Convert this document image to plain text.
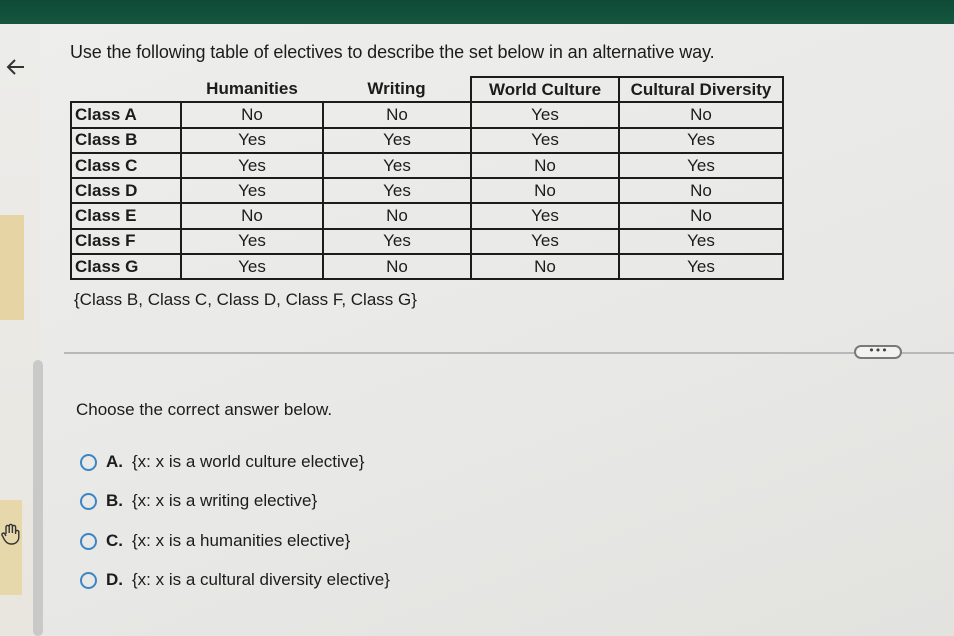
Use the following table of electives to describe the set below in an alternative way.
	Humanities	Writing	World Culture	Cultural Diversity
Class A	No	No	Yes	No
Class B	Yes	Yes	Yes	Yes
Class C	Yes	Yes	No	Yes
Class D	Yes	Yes	No	No
Class E	No	No	Yes	No
Class F	Yes	Yes	Yes	Yes
Class G	Yes	No	No	Yes
{Class B, Class C, Class D, Class F, Class G}
•••
Choose the correct answer below.
A. {x: x is a world culture elective}
B. {x: x is a writing elective}
C. {x: x is a humanities elective}
D. {x: x is a cultural diversity elective}
